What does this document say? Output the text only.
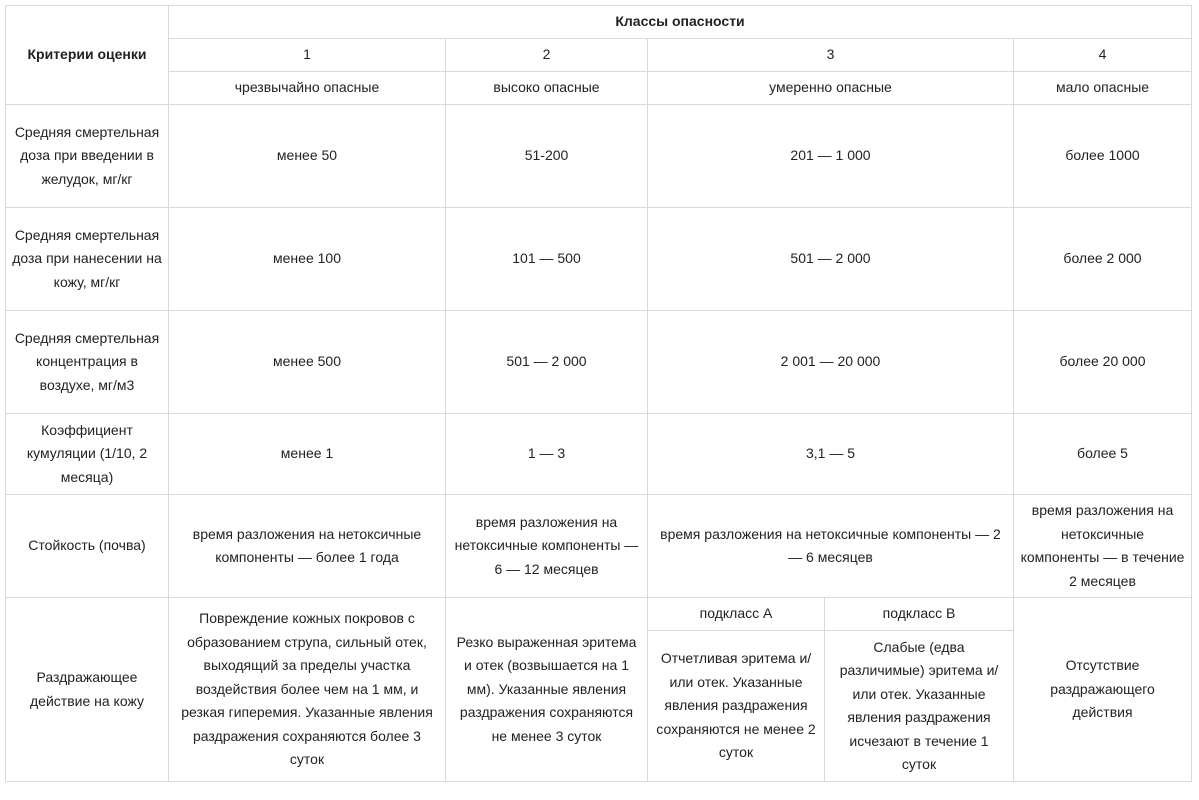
Критерии оценки	Классы опасности				
	1	2	3		4
	чрезвычайно опасные	высоко опасные	умеренно опасные		мало опасные
Средняя смертельная доза при введении в желудок, мг/кг	менее 50	51-200	201 — 1 000		более 1000
Средняя смертельная доза при нанесении на кожу, мг/кг	менее 100	101 — 500	501 — 2 000		более 2 000
Средняя смертельная концентрация в воздухе, мг/м3	менее 500	501 — 2 000	2 001 — 20 000		более 20 000
Коэффициент кумуляции (1/10, 2 месяца)	менее 1	1 — 3	3,1 — 5		более 5
Стойкость (почва)	время разложения на нетоксичные компоненты — более 1 года	время разложения на нетоксичные компоненты — 6 — 12 месяцев	время разложения на нетоксичные компоненты — 2 — 6 месяцев		время разложения на нетоксичные компоненты — в течение 2 месяцев
Раздражающее действие на кожу	Повреждение кожных покровов с образованием струпа, сильный отек, выходящий за пределы участка воздействия более чем на 1 мм, и резкая гиперемия. Указанные явления раздражения сохраняются более 3 суток	Резко выраженная эритема и отек (возвышается на 1 мм). Указанные явления раздражения сохраняются не менее 3 суток	подкласс А	подкласс В	Отсутствие раздражающего действия
			Отчетливая эритема и/или отек. Указанные явления раздражения сохраняются не менее 2 суток	Слабые (едва различимые) эритема и/или отек. Указанные явления раздражения исчезают в течение 1 суток	
